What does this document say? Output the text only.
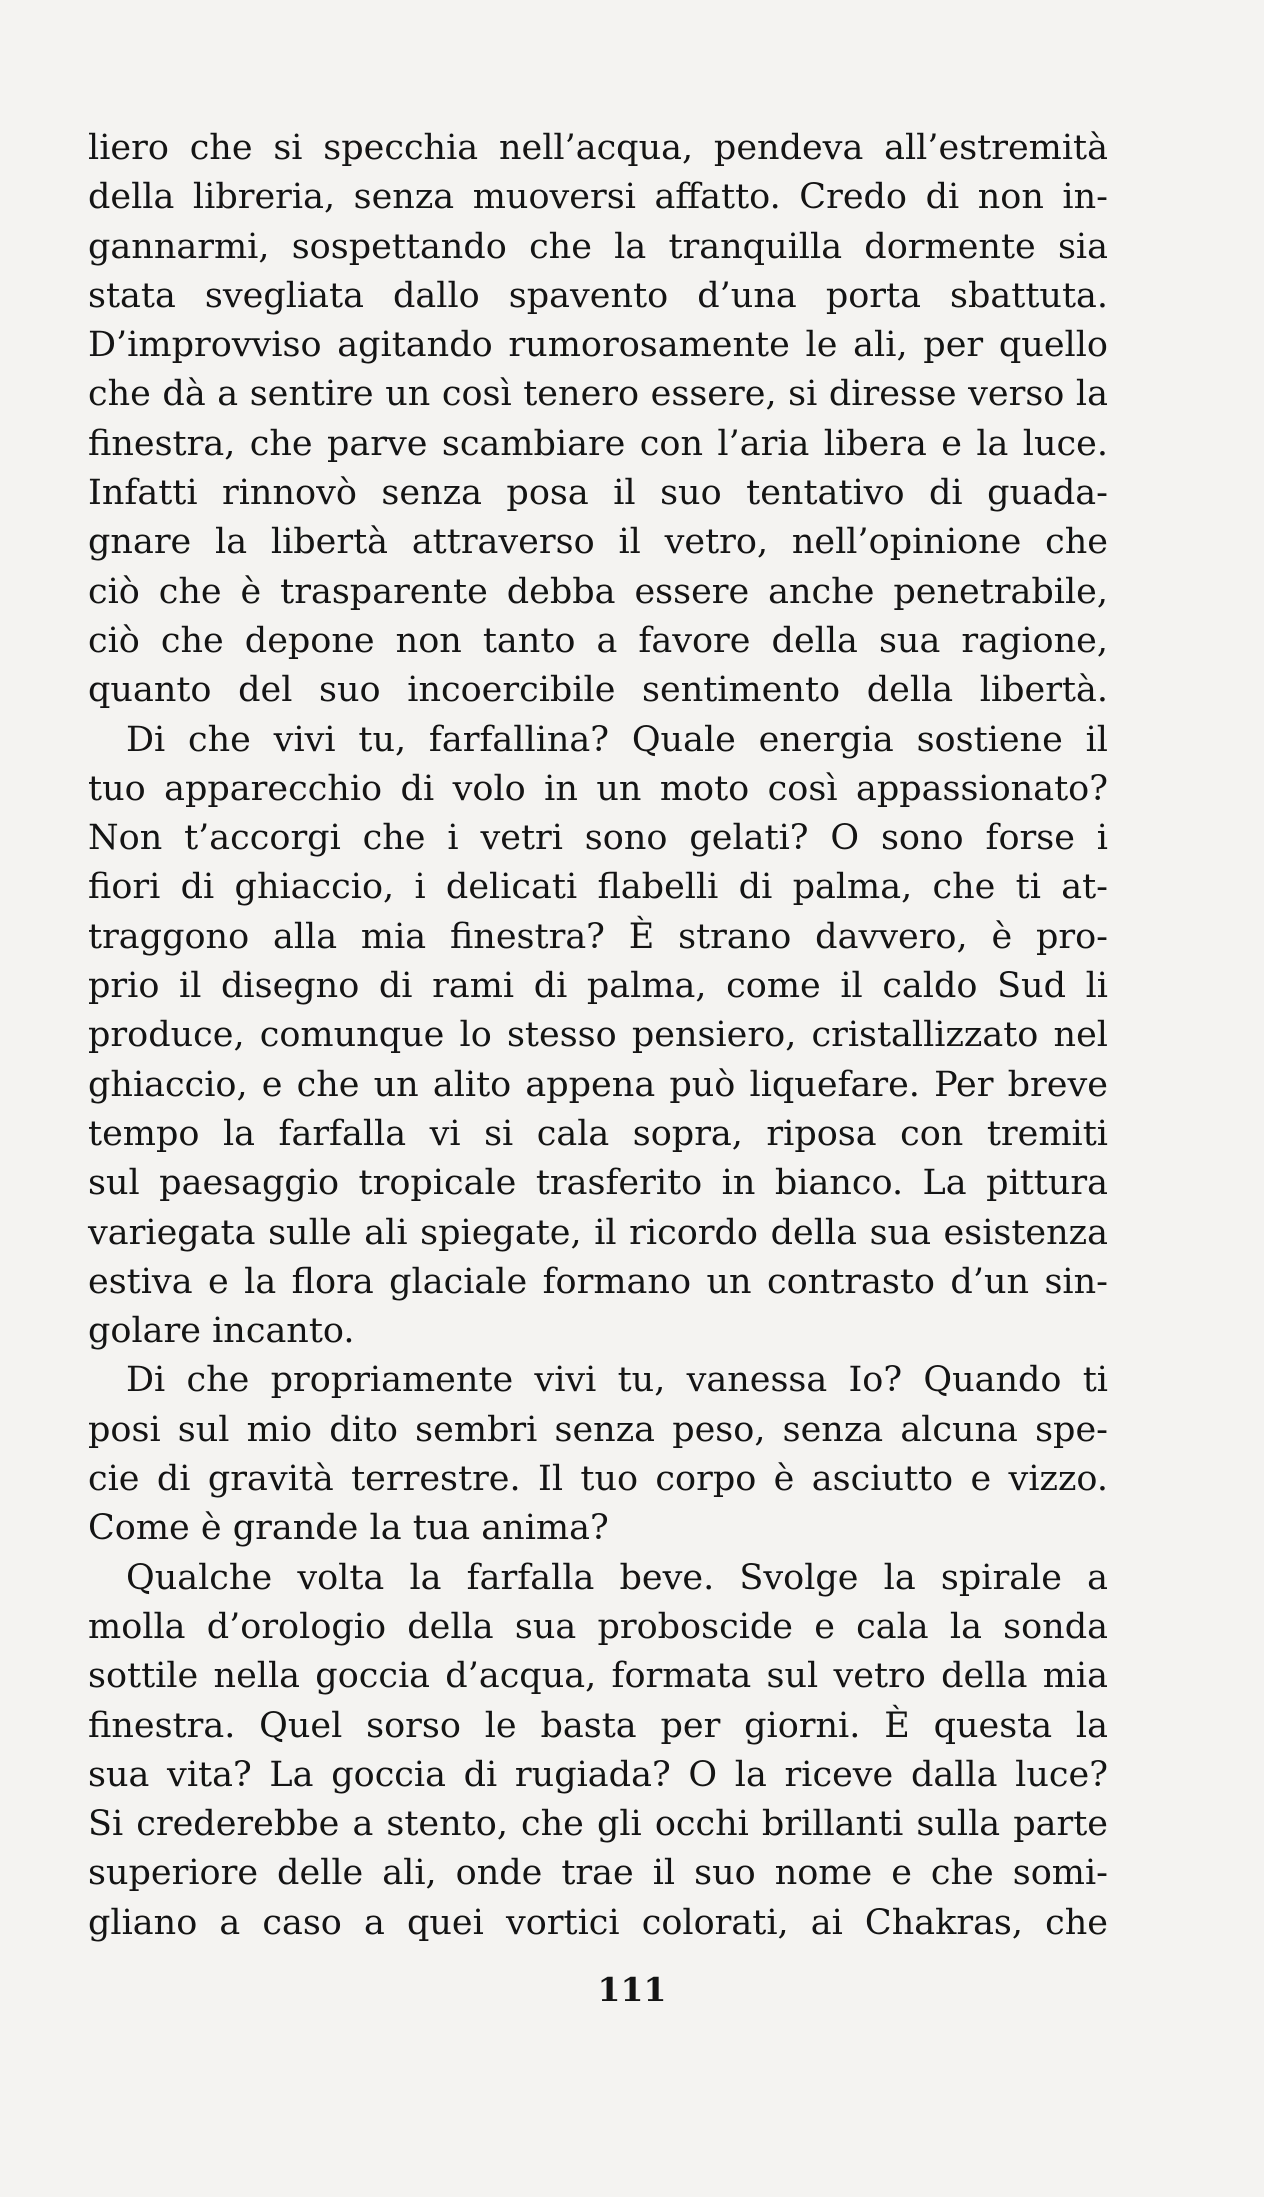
liero che si specchia nell’acqua, pendeva all’estremità
della libreria, senza muoversi affatto. Credo di non in-
gannarmi, sospettando che la tranquilla dormente sia
stata svegliata dallo spavento d’una porta sbattuta.
D’improvviso agitando rumorosamente le ali, per quello
che dà a sentire un così tenero essere, si diresse verso la
finestra, che parve scambiare con l’aria libera e la luce.
Infatti rinnovò senza posa il suo tentativo di guada-
gnare la libertà attraverso il vetro, nell’opinione che
ciò che è trasparente debba essere anche penetrabile,
ciò che depone non tanto a favore della sua ragione,
quanto del suo incoercibile sentimento della libertà.
Di che vivi tu, farfallina? Quale energia sostiene il
tuo apparecchio di volo in un moto così appassionato?
Non t’accorgi che i vetri sono gelati? O sono forse i
fiori di ghiaccio, i delicati flabelli di palma, che ti at-
traggono alla mia finestra? È strano davvero, è pro-
prio il disegno di rami di palma, come il caldo Sud li
produce, comunque lo stesso pensiero, cristallizzato nel
ghiaccio, e che un alito appena può liquefare. Per breve
tempo la farfalla vi si cala sopra, riposa con tremiti
sul paesaggio tropicale trasferito in bianco. La pittura
variegata sulle ali spiegate, il ricordo della sua esistenza
estiva e la flora glaciale formano un contrasto d’un sin-
golare incanto.
Di che propriamente vivi tu, vanessa Io? Quando ti
posi sul mio dito sembri senza peso, senza alcuna spe-
cie di gravità terrestre. Il tuo corpo è asciutto e vizzo.
Come è grande la tua anima?
Qualche volta la farfalla beve. Svolge la spirale a
molla d’orologio della sua proboscide e cala la sonda
sottile nella goccia d’acqua, formata sul vetro della mia
finestra. Quel sorso le basta per giorni. È questa la
sua vita? La goccia di rugiada? O la riceve dalla luce?
Si crederebbe a stento, che gli occhi brillanti sulla parte
superiore delle ali, onde trae il suo nome e che somi-
gliano a caso a quei vortici colorati, ai Chakras, che
111
